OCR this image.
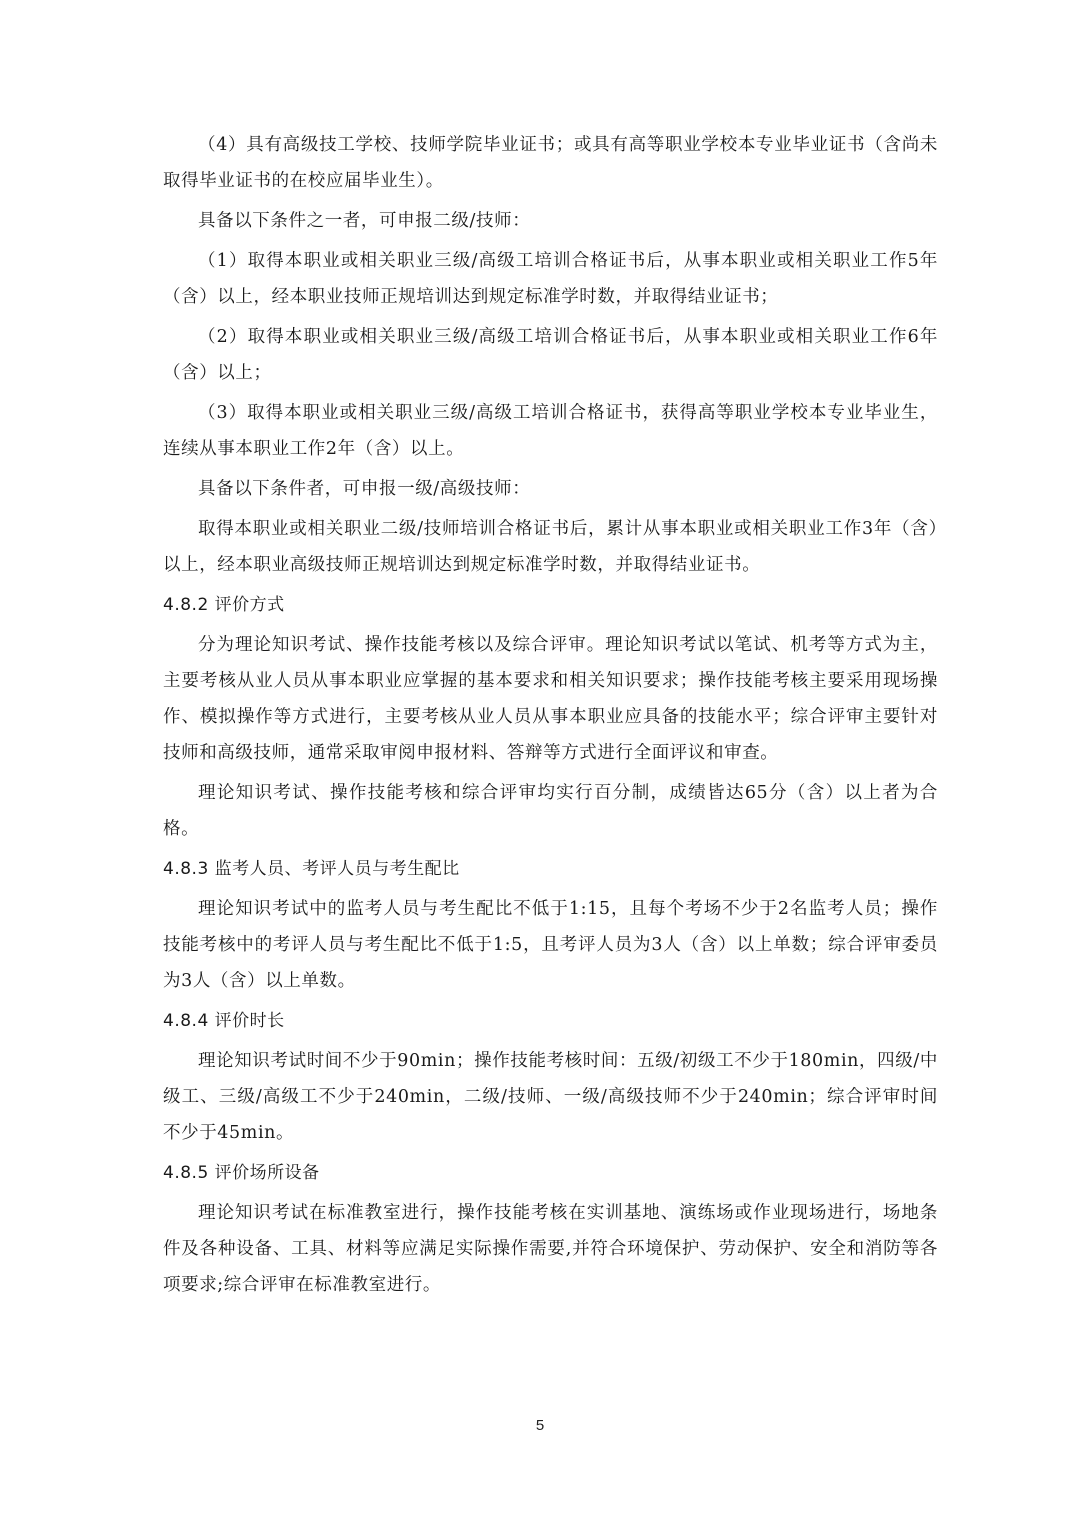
（4）具有高级技工学校、技师学院毕业证书；或具有高等职业学校本专业毕业证书（含尚未取得毕业证书的在校应届毕业生）。

具备以下条件之一者，可申报二级/技师：

（1）取得本职业或相关职业三级/高级工培训合格证书后，从事本职业或相关职业工作5年（含）以上，经本职业技师正规培训达到规定标准学时数，并取得结业证书；

（2）取得本职业或相关职业三级/高级工培训合格证书后，从事本职业或相关职业工作6年（含）以上；

（3）取得本职业或相关职业三级/高级工培训合格证书，获得高等职业学校本专业毕业生，连续从事本职业工作2年（含）以上。

具备以下条件者，可申报一级/高级技师：

取得本职业或相关职业二级/技师培训合格证书后，累计从事本职业或相关职业工作3年（含）以上，经本职业高级技师正规培训达到规定标准学时数，并取得结业证书。

4.8.2 评价方式

分为理论知识考试、操作技能考核以及综合评审。理论知识考试以笔试、机考等方式为主，主要考核从业人员从事本职业应掌握的基本要求和相关知识要求；操作技能考核主要采用现场操作、模拟操作等方式进行，主要考核从业人员从事本职业应具备的技能水平；综合评审主要针对技师和高级技师，通常采取审阅申报材料、答辩等方式进行全面评议和审查。

理论知识考试、操作技能考核和综合评审均实行百分制，成绩皆达65分（含）以上者为合格。

4.8.3 监考人员、考评人员与考生配比

理论知识考试中的监考人员与考生配比不低于1:15，且每个考场不少于2名监考人员；操作技能考核中的考评人员与考生配比不低于1:5，且考评人员为3人（含）以上单数；综合评审委员为3人（含）以上单数。

4.8.4 评价时长

理论知识考试时间不少于90min；操作技能考核时间：五级/初级工不少于180min，四级/中级工、三级/高级工不少于240min，二级/技师、一级/高级技师不少于240min；综合评审时间不少于45min。

4.8.5 评价场所设备

理论知识考试在标准教室进行，操作技能考核在实训基地、演练场或作业现场进行，场地条件及各种设备、工具、材料等应满足实际操作需要,并符合环境保护、劳动保护、安全和消防等各项要求;综合评审在标准教室进行。

5
